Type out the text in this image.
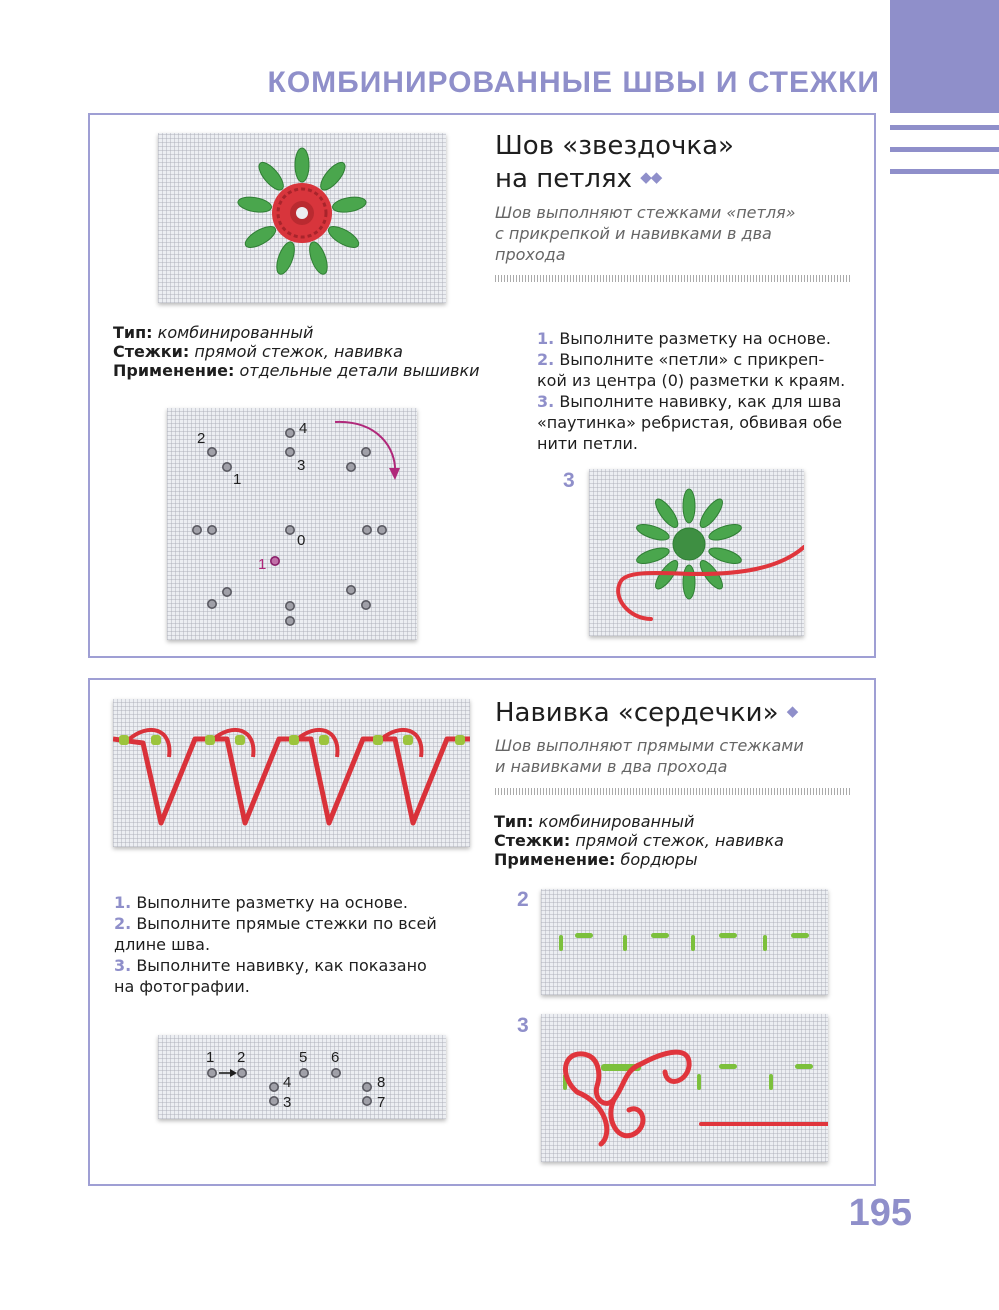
КОМБИНИРОВАННЫЕ ШВЫ И СТЕЖКИ
Шов «звездочка»
на петлях ◆◆
Шов выполняют стежками «петля»
с прикрепкой и навивками в два
прохода
Тип: комбинированный
Стежки: прямой стежок, навивка
Применение: отдельные детали вышивки
1. Выполните разметку на основе.
2. Выполните «петли» с прикреп-
кой из центра (0) разметки к краям.
3. Выполните навивку, как для шва
«паутинка» ребристая, обвивая обе
нити петли.
2
1
4
3
0
1
3
Навивка «сердечки» ◆
Шов выполняют прямыми стежками
и навивками в два прохода
Тип: комбинированный
Стежки: прямой стежок, навивка
Применение: бордюры
1. Выполните разметку на основе.
2. Выполните прямые стежки по всей
длине шва.
3. Выполните навивку, как показано
на фотографии.
1 2
3
4
5 6
7
8
2
3
195
